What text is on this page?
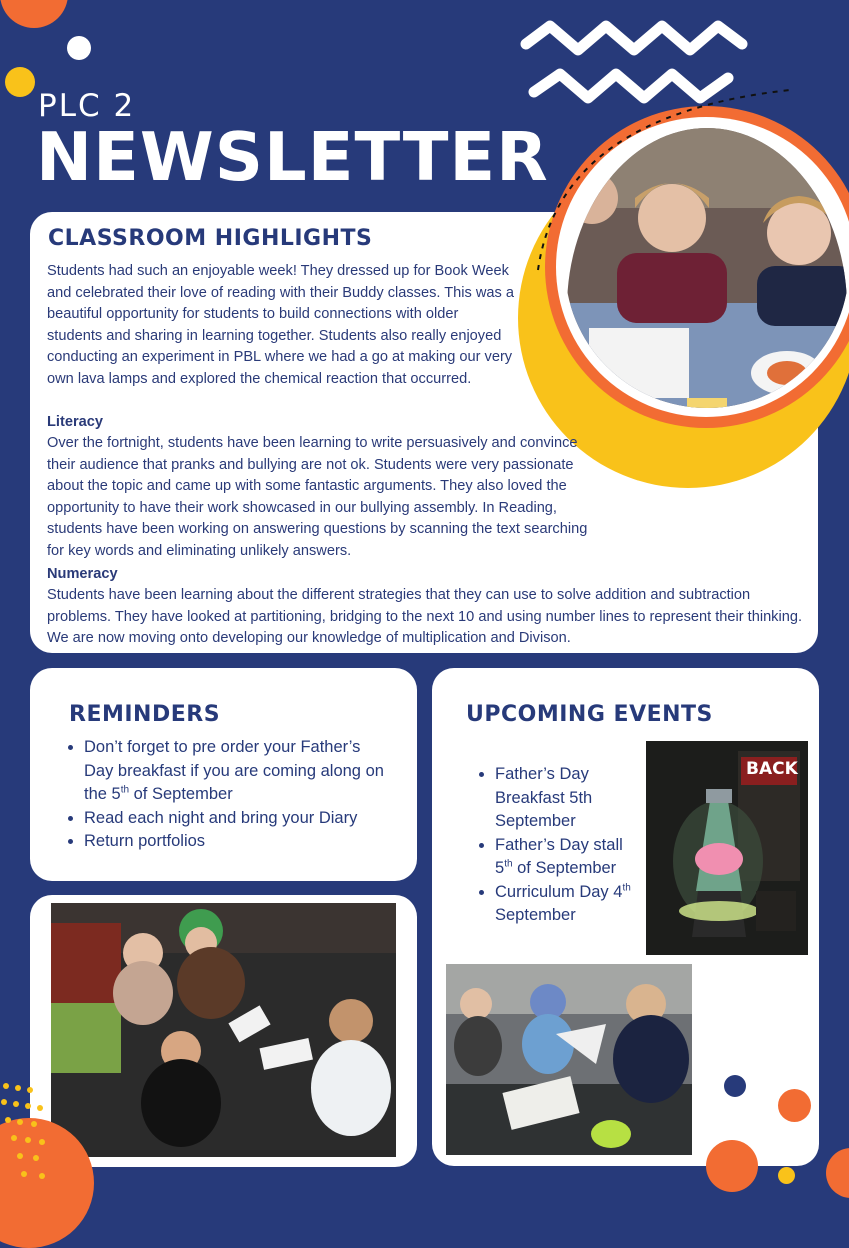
PLC 2
NEWSLETTER
CLASSROOM HIGHLIGHTS
Students had such an enjoyable week! They dressed up for Book Week and celebrated their love of reading with their Buddy classes. This was a beautiful opportunity for students to build connections with older students and sharing in learning together. Students also really enjoyed conducting an experiment in PBL where we had a go at making our very own lava lamps and explored the chemical reaction that occurred.
Literacy
Over the fortnight, students have been learning to write persuasively and convince their audience that pranks and bullying are not ok. Students were very passionate about the topic and came up with some fantastic arguments. They also loved the opportunity to have their work showcased in our bullying assembly. In Reading, students have been working on answering questions by scanning the text searching for key words and eliminating unlikely answers.
Numeracy
Students have been learning about the different strategies that they can use to solve addition and subtraction problems. They have looked at partitioning, bridging to the next 10 and using number lines to represent their thinking. We are now moving onto developing our knowledge of multiplication and Divison.
REMINDERS
• Don’t forget to pre order your Father’s Day breakfast if you are coming along on the 5th of September
• Read each night and bring your Diary
• Return portfolios
UPCOMING EVENTS
• Father’s Day Breakfast 5th September
• Father’s Day stall 5th of September
• Curriculum Day 4th September
BACK
